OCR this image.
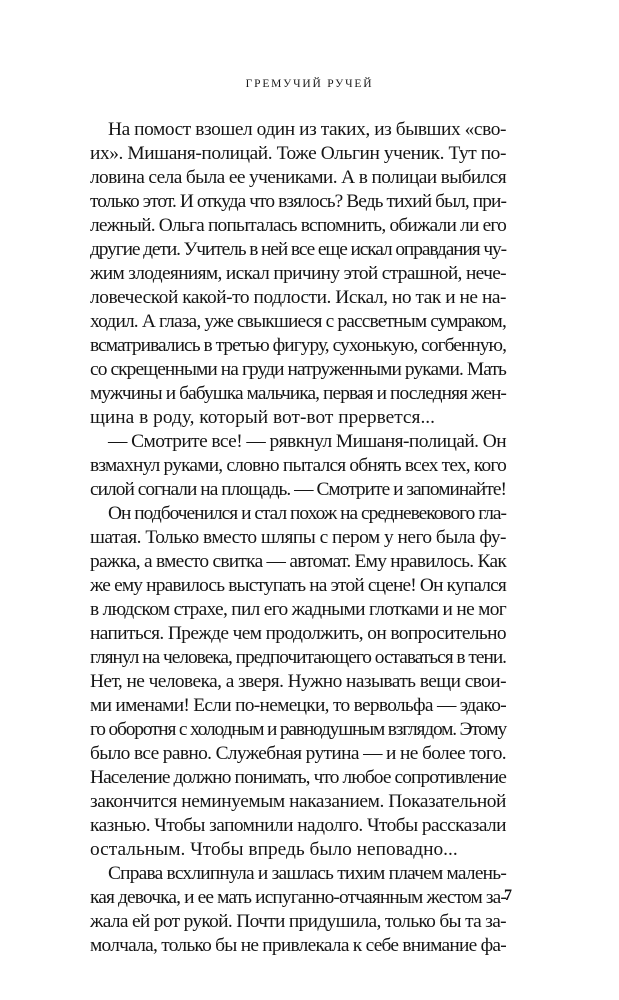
ГРЕМУЧИЙ РУЧЕЙ

На помост взошел один из таких, из бывших «сво-
их». Мишаня-полицай. Тоже Ольгин ученик. Тут по-
ловина села была ее учениками. А в полицаи выбился
только этот. И откуда что взялось? Ведь тихий был, при-
лежный. Ольга попыталась вспомнить, обижали ли его
другие дети. Учитель в ней все еще искал оправдания чу-
жим злодеяниям, искал причину этой страшной, нече-
ловеческой какой-то подлости. Искал, но так и не на-
ходил. А глаза, уже свыкшиеся с рассветным сумраком,
всматривались в третью фигуру, сухонькую, согбенную,
со скрещенными на груди натруженными руками. Мать
мужчины и бабушка мальчика, первая и последняя жен-
щина в роду, который вот-вот прервется...

— Смотрите все! — рявкнул Мишаня-полицай. Он
взмахнул руками, словно пытался обнять всех тех, кого
силой согнали на площадь. — Смотрите и запоминайте!

Он подбоченился и стал похож на средневекового гла-
шатая. Только вместо шляпы с пером у него была фу-
ражка, а вместо свитка — автомат. Ему нравилось. Как
же ему нравилось выступать на этой сцене! Он купался
в людском страхе, пил его жадными глотками и не мог
напиться. Прежде чем продолжить, он вопросительно
глянул на человека, предпочитающего оставаться в тени.
Нет, не человека, а зверя. Нужно называть вещи свои-
ми именами! Если по-немецки, то вервольфа — эдако-
го оборотня с холодным и равнодушным взглядом. Этому
было все равно. Служебная рутина — и не более того.
Население должно понимать, что любое сопротивление
закончится неминуемым наказанием. Показательной
казнью. Чтобы запомнили надолго. Чтобы рассказали
остальным. Чтобы впредь было неповадно...

Справа всхлипнула и зашлась тихим плачем малень-
кая девочка, и ее мать испуганно-отчаянным жестом за-
жала ей рот рукой. Почти придушила, только бы та за-
молчала, только бы не привлекала к себе внимание фа-

7
